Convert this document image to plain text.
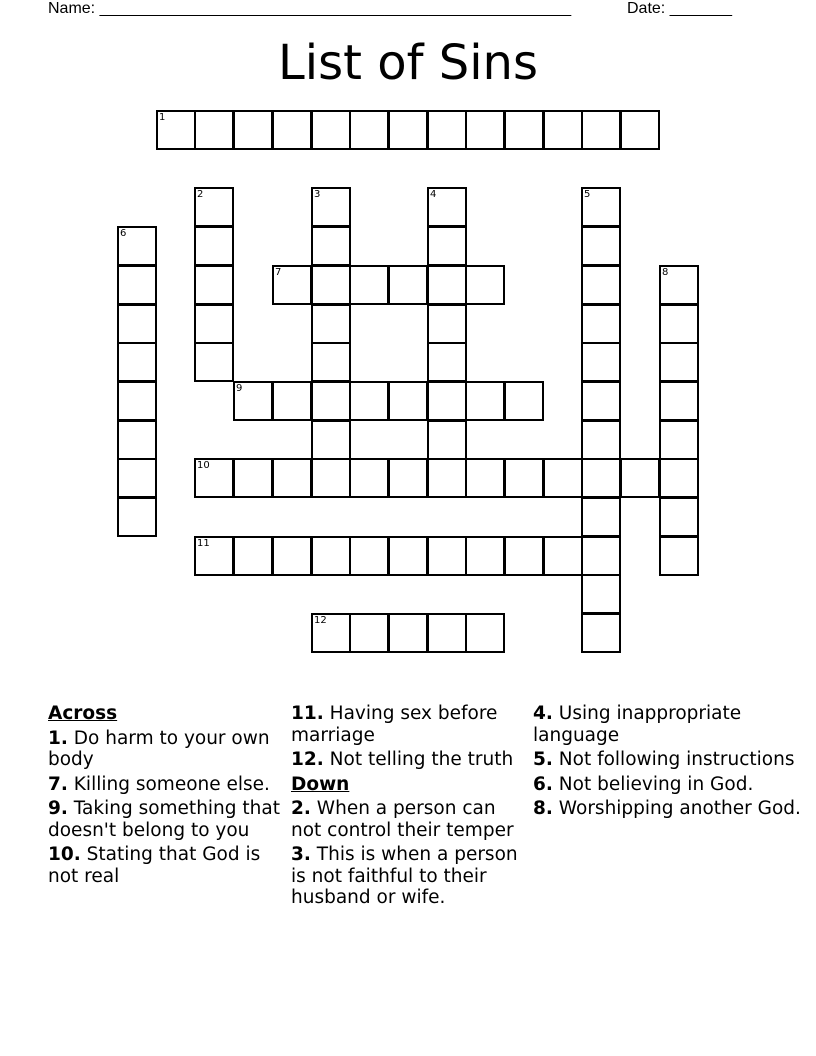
Name: _____________________________________________________	Date: _______
List of Sins
1
7
9
10
11
12
2	3	4	5
6
8
Across
1. Do harm to your own body
7. Killing someone else.
9. Taking something that doesn't belong to you
10. Stating that God is not real
11. Having sex before marriage
12. Not telling the truth
Down
2. When a person can not control their temper
3. This is when a person is not faithful to their husband or wife.
4. Using inappropriate language
5. Not following instructions
6. Not believing in God.
8. Worshipping another God.
